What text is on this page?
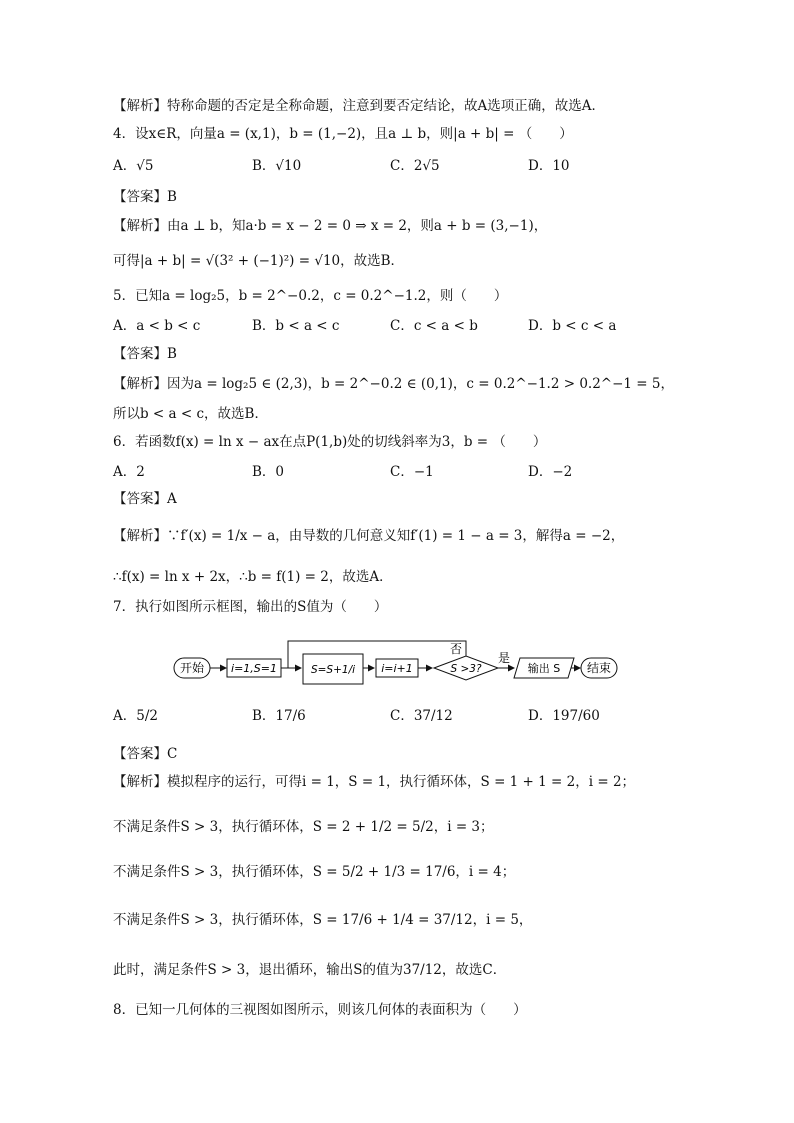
【解析】特称命题的否定是全称命题，注意到要否定结论，故A选项正确，故选A．
4．设x∈R，向量a = (x,1)，b = (1,−2)，且a ⊥ b，则|a + b| = （　　）
A．√5	B．√10	C．2√5	D．10
【答案】B
【解析】由a ⊥ b，知a·b = x − 2 = 0 ⇒ x = 2，则a + b = (3,−1)，
可得|a + b| = √(3² + (−1)²) = √10，故选B．
5．已知a = log₂5，b = 2^−0.2，c = 0.2^−1.2，则（　　）
A．a < b < c	B．b < a < c	C．c < a < b	D．b < c < a
【答案】B
【解析】因为a = log₂5 ∈ (2,3)，b = 2^−0.2 ∈ (0,1)，c = 0.2^−1.2 > 0.2^−1 = 5，
所以b < a < c，故选B．
6．若函数f(x) = ln x − ax在点P(1,b)处的切线斜率为3，b = （　　）
A．2	B．0	C．−1	D．−2
【答案】A
【解析】∵f′(x) = 1/x − a，由导数的几何意义知f′(1) = 1 − a = 3，解得a = −2，
∴f(x) = ln x + 2x，∴b = f(1) = 2，故选A．
7．执行如图所示框图，输出的S值为（　　）
开始 i=1,S=1	S=S+1/i i=i+1	S >3?
否
是
输出 S 结束
A．5/2	B．17/6	C．37/12	D．197/60
【答案】C
【解析】模拟程序的运行，可得i = 1，S = 1，执行循环体，S = 1 + 1 = 2，i = 2；
不满足条件S > 3，执行循环体，S = 2 + 1/2 = 5/2，i = 3；
不满足条件S > 3，执行循环体，S = 5/2 + 1/3 = 17/6，i = 4；
不满足条件S > 3，执行循环体，S = 17/6 + 1/4 = 37/12，i = 5，
此时，满足条件S > 3，退出循环，输出S的值为37/12，故选C．
8．已知一几何体的三视图如图所示，则该几何体的表面积为（　　）
